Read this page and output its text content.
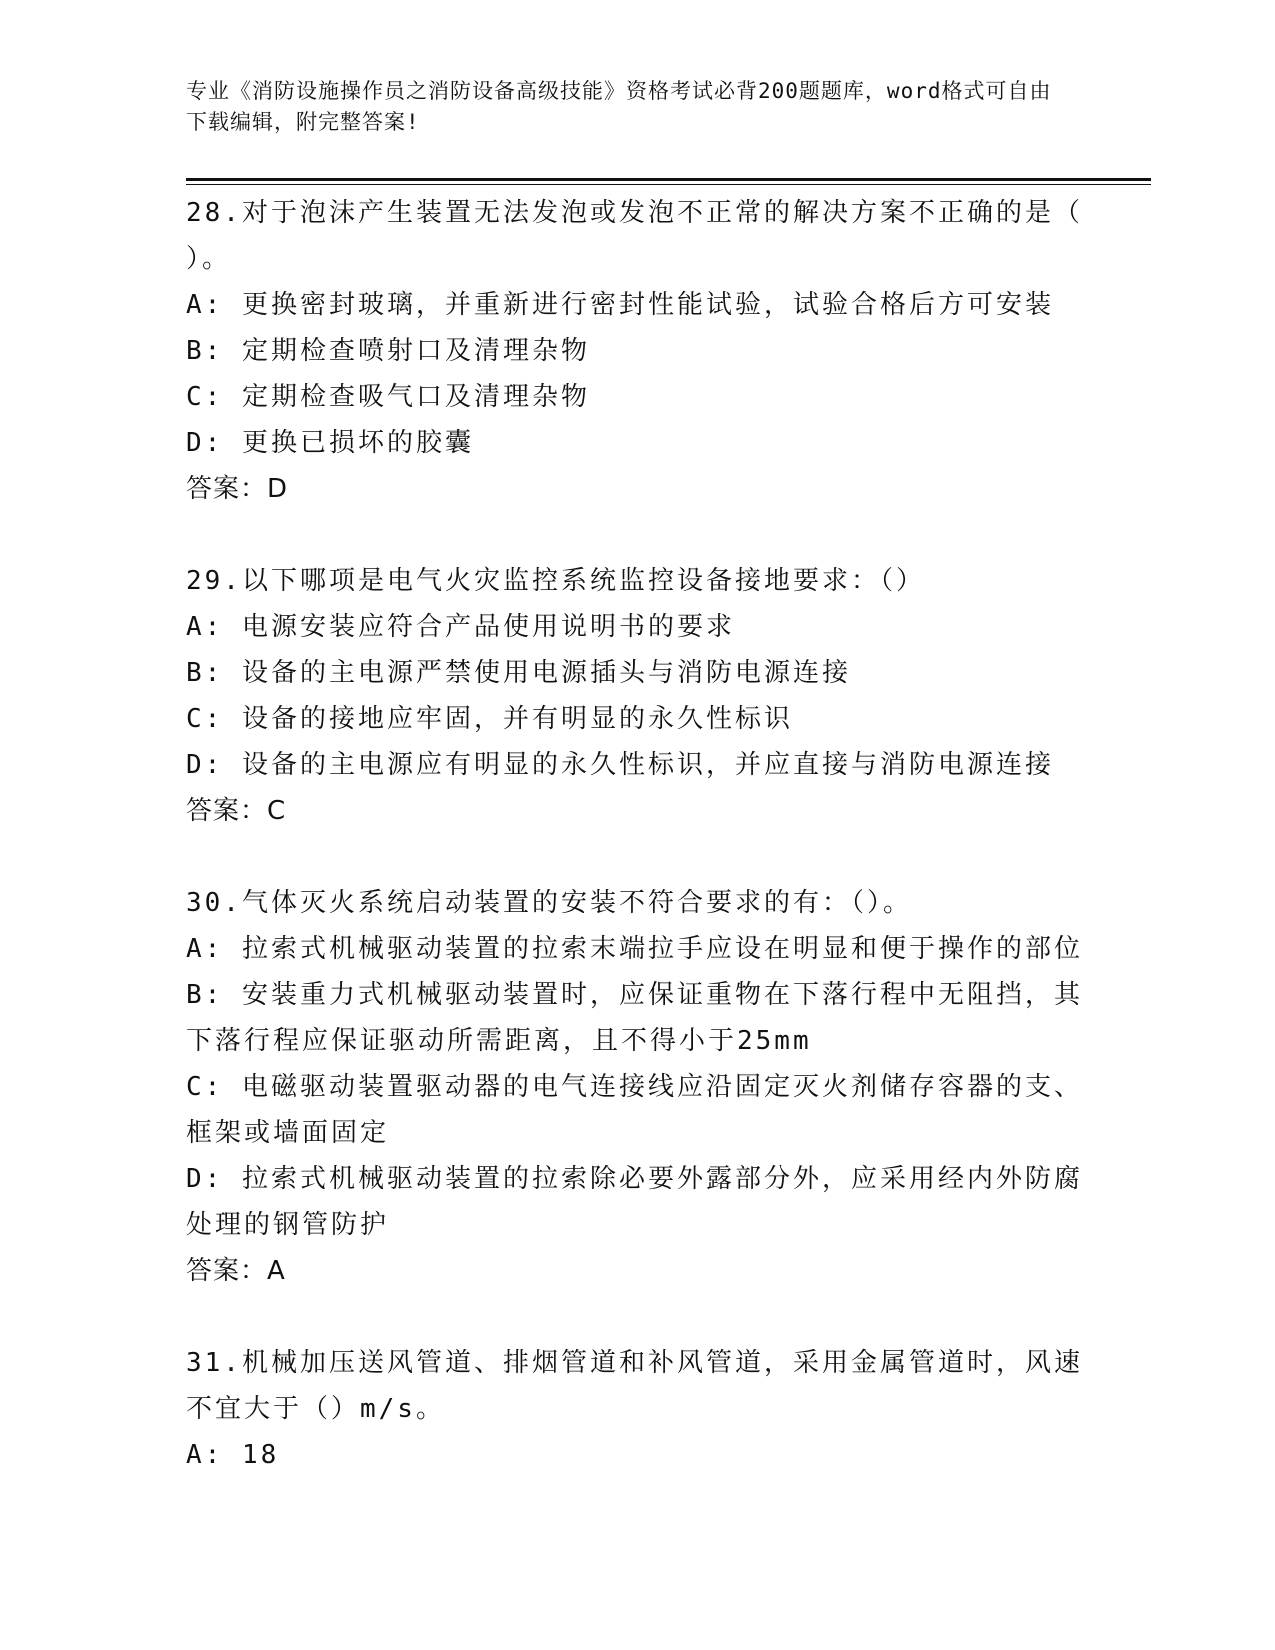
专业《消防设施操作员之消防设备高级技能》资格考试必背200题题库，word格式可自由下载编辑，附完整答案!

28.对于泡沫产生装置无法发泡或发泡不正常的解决方案不正确的是（ ）。

A: 更换密封玻璃，并重新进行密封性能试验，试验合格后方可安装

B: 定期检查喷射口及清理杂物

C: 定期检查吸气口及清理杂物

D: 更换已损坏的胶囊

答案：D

29.以下哪项是电气火灾监控系统监控设备接地要求：（）

A: 电源安装应符合产品使用说明书的要求

B: 设备的主电源严禁使用电源插头与消防电源连接

C: 设备的接地应牢固，并有明显的永久性标识

D: 设备的主电源应有明显的永久性标识，并应直接与消防电源连接

答案：C

30.气体灭火系统启动装置的安装不符合要求的有：（）。

A: 拉索式机械驱动装置的拉索末端拉手应设在明显和便于操作的部位

B: 安装重力式机械驱动装置时，应保证重物在下落行程中无阻挡，其下落行程应保证驱动所需距离，且不得小于25mm

C: 电磁驱动装置驱动器的电气连接线应沿固定灭火剂储存容器的支、框架或墙面固定

D: 拉索式机械驱动装置的拉索除必要外露部分外，应采用经内外防腐处理的钢管防护

答案：A

31.机械加压送风管道、排烟管道和补风管道，采用金属管道时，风速不宜大于（）m/s。

A: 18
